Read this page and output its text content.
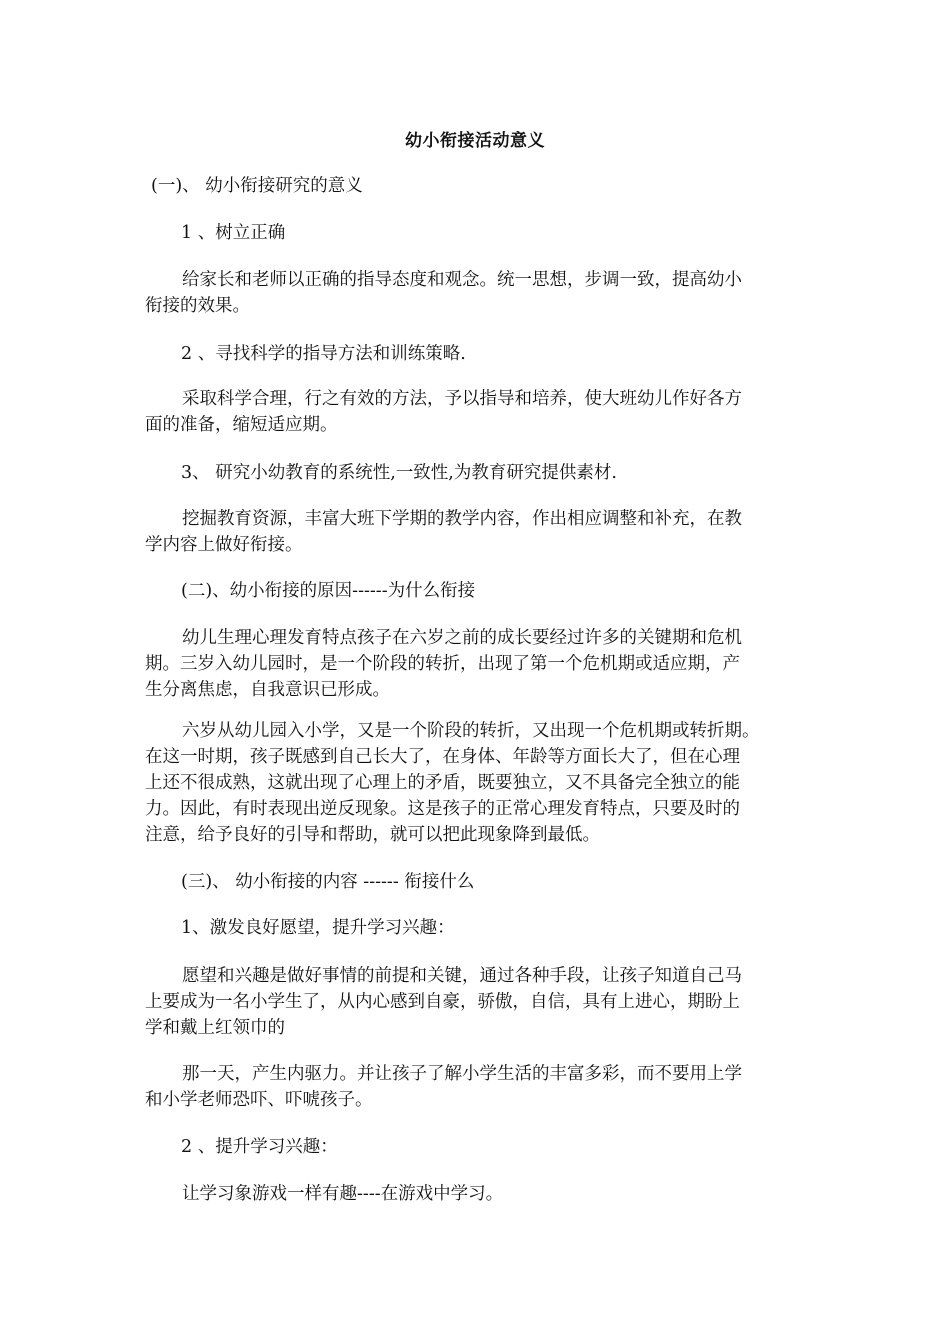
幼小衔接活动意义
(一)、 幼小衔接研究的意义
1 、树立正确
给家长和老师以正确的指导态度和观念。统一思想，步调一致，提高幼小
衔接的效果。
2 、寻找科学的指导方法和训练策略.
采取科学合理，行之有效的方法，予以指导和培养，使大班幼儿作好各方
面的准备，缩短适应期。
3、 研究小幼教育的系统性,一致性,为教育研究提供素材.
挖掘教育资源，丰富大班下学期的教学内容，作出相应调整和补充，在教
学内容上做好衔接。
(二)、幼小衔接的原因------为什么衔接
幼儿生理心理发育特点孩子在六岁之前的成长要经过许多的关键期和危机
期。三岁入幼儿园时，是一个阶段的转折，出现了第一个危机期或适应期，产
生分离焦虑，自我意识已形成。
六岁从幼儿园入小学，又是一个阶段的转折，又出现一个危机期或转折期。
在这一时期，孩子既感到自己长大了，在身体、年龄等方面长大了，但在心理
上还不很成熟，这就出现了心理上的矛盾，既要独立，又不具备完全独立的能
力。因此，有时表现出逆反现象。这是孩子的正常心理发育特点，只要及时的
注意，给予良好的引导和帮助，就可以把此现象降到最低。
(三)、 幼小衔接的内容 ------ 衔接什么
1、激发良好愿望，提升学习兴趣：
愿望和兴趣是做好事情的前提和关键，通过各种手段，让孩子知道自己马
上要成为一名小学生了，从内心感到自豪，骄傲，自信，具有上进心，期盼上
学和戴上红领巾的
那一天，产生内驱力。并让孩子了解小学生活的丰富多彩，而不要用上学
和小学老师恐吓、吓唬孩子。
2 、提升学习兴趣：
让学习象游戏一样有趣----在游戏中学习。
